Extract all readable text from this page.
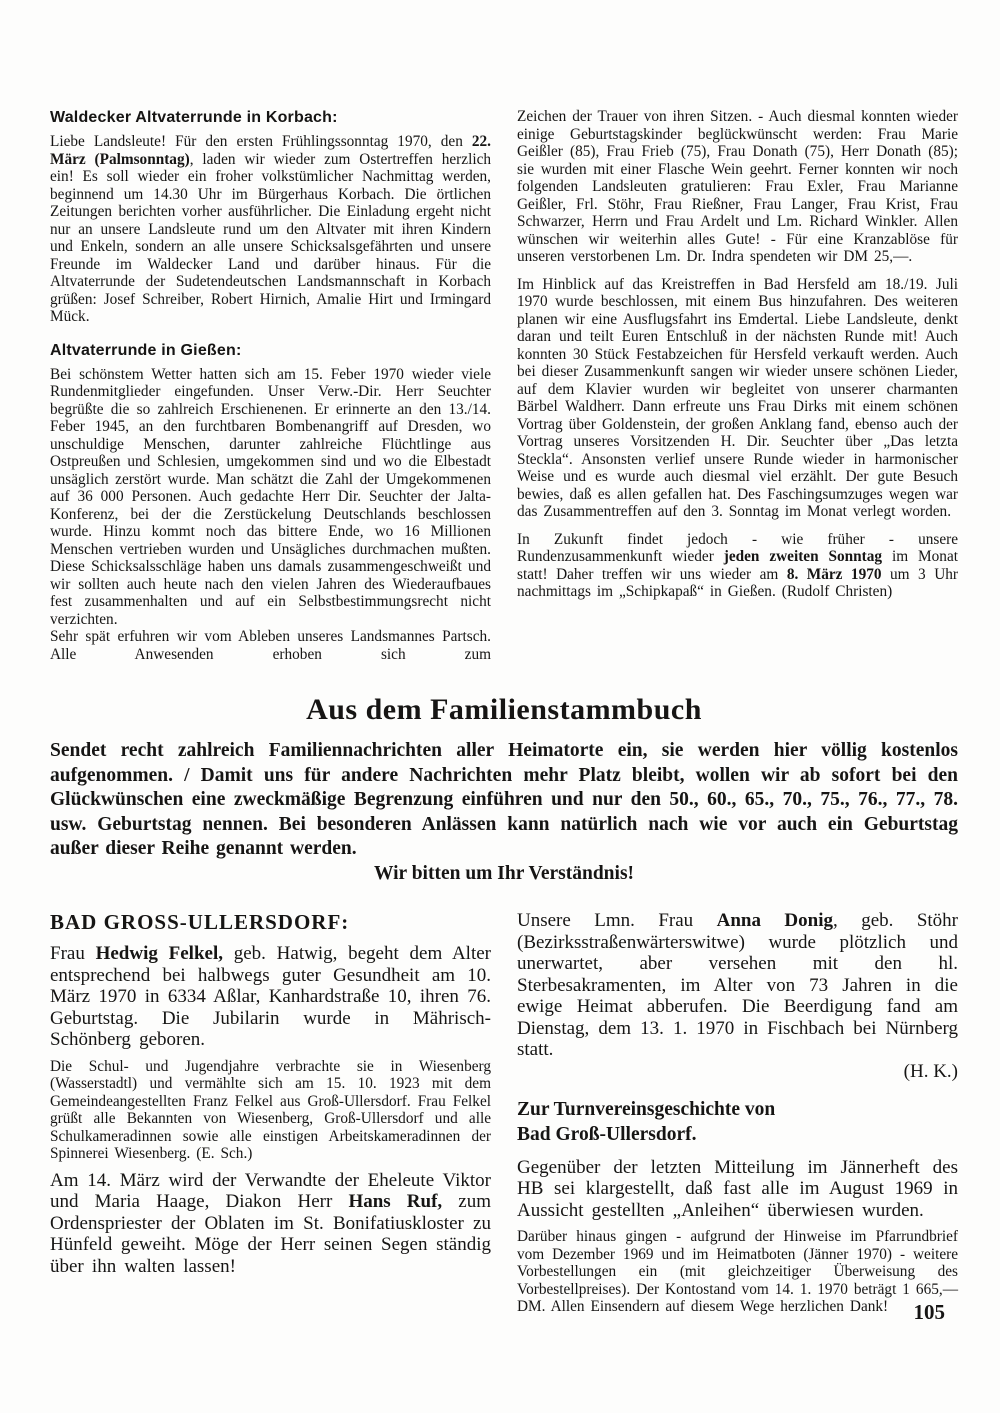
Waldecker Altvaterrunde in Korbach:

Liebe Landsleute! Für den ersten Frühlingssonntag 1970, den 22. März (Palmsonntag), laden wir wieder zum Ostertreffen herzlich ein! Es soll wieder ein froher volkstümlicher Nachmittag werden, beginnend um 14.30 Uhr im Bürgerhaus Korbach. Die örtlichen Zeitungen berichten vorher ausführlicher. Die Einladung ergeht nicht nur an unsere Landsleute rund um den Altvater mit ihren Kindern und Enkeln, sondern an alle unsere Schicksalsgefährten und unsere Freunde im Waldecker Land und darüber hinaus. Für die Altvaterrunde der Sudetendeutschen Landsmannschaft in Korbach grüßen: Josef Schreiber, Robert Hirnich, Amalie Hirt und Irmingard Mück.

Altvaterrunde in Gießen:

Bei schönstem Wetter hatten sich am 15. Feber 1970 wieder viele Rundenmitglieder eingefunden. Unser Verw.-Dir. Herr Seuchter begrüßte die so zahlreich Erschienenen. Er erinnerte an den 13./14. Feber 1945, an den furchtbaren Bombenangriff auf Dresden, wo unschuldige Menschen, darunter zahlreiche Flüchtlinge aus Ostpreußen und Schlesien, umgekommen sind und wo die Elbestadt unsäglich zerstört wurde. Man schätzt die Zahl der Umgekommenen auf 36 000 Personen. Auch gedachte Herr Dir. Seuchter der Jalta-Konferenz, bei der die Zerstückelung Deutschlands beschlossen wurde. Hinzu kommt noch das bittere Ende, wo 16 Millionen Menschen vertrieben wurden und Unsägliches durchmachen mußten. Diese Schicksalsschläge haben uns damals zusammengeschweißt und wir sollten auch heute nach den vielen Jahren des Wiederaufbaues fest zusammenhalten und auf ein Selbstbestimmungsrecht nicht verzichten.

Sehr spät erfuhren wir vom Ableben unseres Landsmannes Partsch. Alle Anwesenden erhoben sich zum

Zeichen der Trauer von ihren Sitzen. - Auch diesmal konnten wieder einige Geburtstagskinder beglückwünscht werden: Frau Marie Geißler (85), Frau Frieb (75), Frau Donath (75), Herr Donath (85); sie wurden mit einer Flasche Wein geehrt. Ferner konnten wir noch folgenden Landsleuten gratulieren: Frau Exler, Frau Marianne Geißler, Frl. Stöhr, Frau Rießner, Frau Langer, Frau Krist, Frau Schwarzer, Herrn und Frau Ardelt und Lm. Richard Winkler. Allen wünschen wir weiterhin alles Gute! - Für eine Kranzablöse für unseren verstorbenen Lm. Dr. Indra spendeten wir DM 25,—.

Im Hinblick auf das Kreistreffen in Bad Hersfeld am 18./19. Juli 1970 wurde beschlossen, mit einem Bus hinzufahren. Des weiteren planen wir eine Ausflugsfahrt ins Emdertal. Liebe Landsleute, denkt daran und teilt Euren Entschluß in der nächsten Runde mit! Auch konnten 30 Stück Festabzeichen für Hersfeld verkauft werden. Auch bei dieser Zusammenkunft sangen wir wieder unsere schönen Lieder, auf dem Klavier wurden wir begleitet von unserer charmanten Bärbel Waldherr. Dann erfreute uns Frau Dirks mit einem schönen Vortrag über Goldenstein, der großen Anklang fand, ebenso auch der Vortrag unseres Vorsitzenden H. Dir. Seuchter über „Das letzta Steckla“. Ansonsten verlief unsere Runde wieder in harmonischer Weise und es wurde auch diesmal viel erzählt. Der gute Besuch bewies, daß es allen gefallen hat. Des Faschingsumzuges wegen war das Zusammentreffen auf den 3. Sonntag im Monat verlegt worden.

In Zukunft findet jedoch - wie früher - unsere Rundenzusammenkunft wieder jeden zweiten Sonntag im Monat statt! Daher treffen wir uns wieder am 8. März 1970 um 3 Uhr nachmittags im „Schipkapaß“ in Gießen. (Rudolf Christen)

Aus dem Familienstammbuch

Sendet recht zahlreich Familiennachrichten aller Heimatorte ein, sie werden hier völlig kostenlos aufgenommen. / Damit uns für andere Nachrichten mehr Platz bleibt, wollen wir ab sofort bei den Glückwünschen eine zweckmäßige Begrenzung einführen und nur den 50., 60., 65., 70., 75., 76., 77., 78. usw. Geburtstag nennen. Bei besonderen Anlässen kann natürlich nach wie vor auch ein Geburtstag außer dieser Reihe genannt werden.

Wir bitten um Ihr Verständnis!

BAD GROSS-ULLERSDORF:

Frau Hedwig Felkel, geb. Hatwig, begeht dem Alter entsprechend bei halbwegs guter Gesundheit am 10. März 1970 in 6334 Aßlar, Kanhardstraße 10, ihren 76. Geburtstag. Die Jubilarin wurde in Mährisch-Schönberg geboren.

Die Schul- und Jugendjahre verbrachte sie in Wiesenberg (Wasserstadtl) und vermählte sich am 15. 10. 1923 mit dem Gemeindeangestellten Franz Felkel aus Groß-Ullersdorf. Frau Felkel grüßt alle Bekannten von Wiesenberg, Groß-Ullersdorf und alle Schulkameradinnen sowie alle einstigen Arbeitskameradinnen der Spinnerei Wiesenberg. (E. Sch.)

Am 14. März wird der Verwandte der Eheleute Viktor und Maria Haage, Diakon Herr Hans Ruf, zum Ordenspriester der Oblaten im St. Bonifatiuskloster zu Hünfeld geweiht. Möge der Herr seinen Segen ständig über ihn walten lassen!

Unsere Lmn. Frau Anna Donig, geb. Stöhr (Bezirksstraßenwärterswitwe) wurde plötzlich und unerwartet, aber versehen mit den hl. Sterbesakramenten, im Alter von 73 Jahren in die ewige Heimat abberufen. Die Beerdigung fand am Dienstag, dem 13. 1. 1970 in Fischbach bei Nürnberg statt.

(H. K.)
Zur Turnvereinsgeschichte von
Bad Groß-Ullersdorf.

Gegenüber der letzten Mitteilung im Jännerheft des HB sei klargestellt, daß fast alle im August 1969 in Aussicht gestellten „Anleihen“ überwiesen wurden.

Darüber hinaus gingen - aufgrund der Hinweise im Pfarrundbrief vom Dezember 1969 und im Heimatboten (Jänner 1970) - weitere Vorbestellungen ein (mit gleichzeitiger Überweisung des Vorbestellpreises). Der Kontostand vom 14. 1. 1970 beträgt 1 665,— DM. Allen Einsendern auf diesem Wege herzlichen Dank!	105
